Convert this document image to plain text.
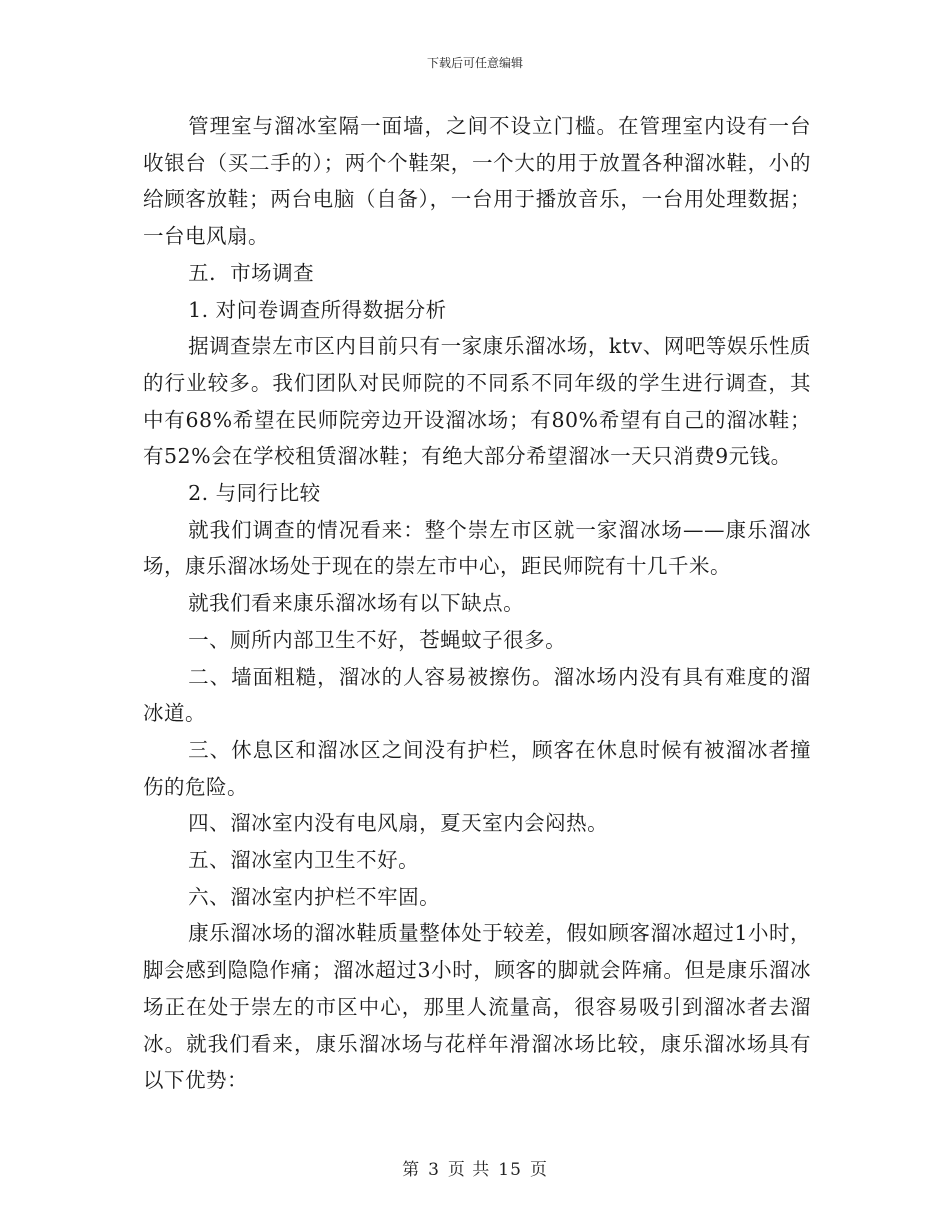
下载后可任意编辑

管理室与溜冰室隔一面墙，之间不设立门槛。在管理室内设有一台收银台（买二手的）；两个个鞋架，一个大的用于放置各种溜冰鞋，小的给顾客放鞋；两台电脑（自备），一台用于播放音乐，一台用处理数据；一台电风扇。

五．市场调查

1. 对问卷调查所得数据分析

据调查崇左市区内目前只有一家康乐溜冰场，ktv、网吧等娱乐性质的行业较多。我们团队对民师院的不同系不同年级的学生进行调查，其中有68%希望在民师院旁边开设溜冰场；有80%希望有自己的溜冰鞋；有52%会在学校租赁溜冰鞋；有绝大部分希望溜冰一天只消费9元钱。

2. 与同行比较

就我们调查的情况看来：整个崇左市区就一家溜冰场——康乐溜冰场，康乐溜冰场处于现在的崇左市中心，距民师院有十几千米。

就我们看来康乐溜冰场有以下缺点。

一、厕所内部卫生不好，苍蝇蚊子很多。

二、墙面粗糙，溜冰的人容易被擦伤。溜冰场内没有具有难度的溜冰道。

三、休息区和溜冰区之间没有护栏，顾客在休息时候有被溜冰者撞伤的危险。

四、溜冰室内没有电风扇，夏天室内会闷热。

五、溜冰室内卫生不好。

六、溜冰室内护栏不牢固。

康乐溜冰场的溜冰鞋质量整体处于较差，假如顾客溜冰超过1小时，脚会感到隐隐作痛；溜冰超过3小时，顾客的脚就会阵痛。但是康乐溜冰场正在处于崇左的市区中心，那里人流量高，很容易吸引到溜冰者去溜冰。就我们看来，康乐溜冰场与花样年滑溜冰场比较，康乐溜冰场具有以下优势：

第 3 页 共 15 页
